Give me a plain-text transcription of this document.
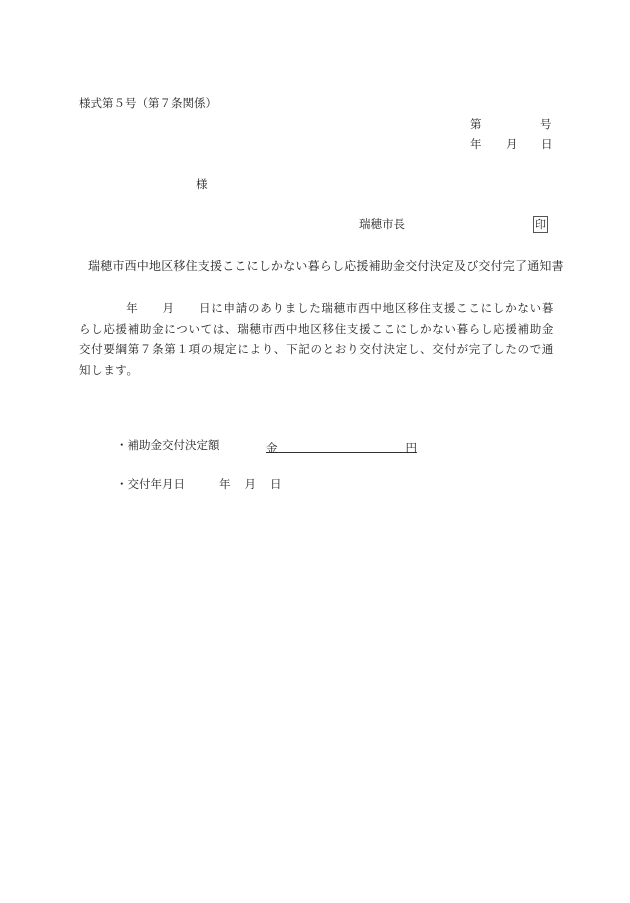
様式第５号（第７条関係）
第	号
年 月 日
様
瑞穂市長	印
瑞穂市西中地区移住支援ここにしかない暮らし応援補助金交付決定及び交付完了通知書
年 月 日に申請のありました瑞穂市西中地区移住支援ここにしかない暮らし応援補助金については、瑞穂市西中地区移住支援ここにしかない暮らし応援補助金交付要綱第７条第１項の規定により、下記のとおり交付決定し、交付が完了したので通知します。
・補助金交付決定額	金	円
・交付年月日	年 月 日
